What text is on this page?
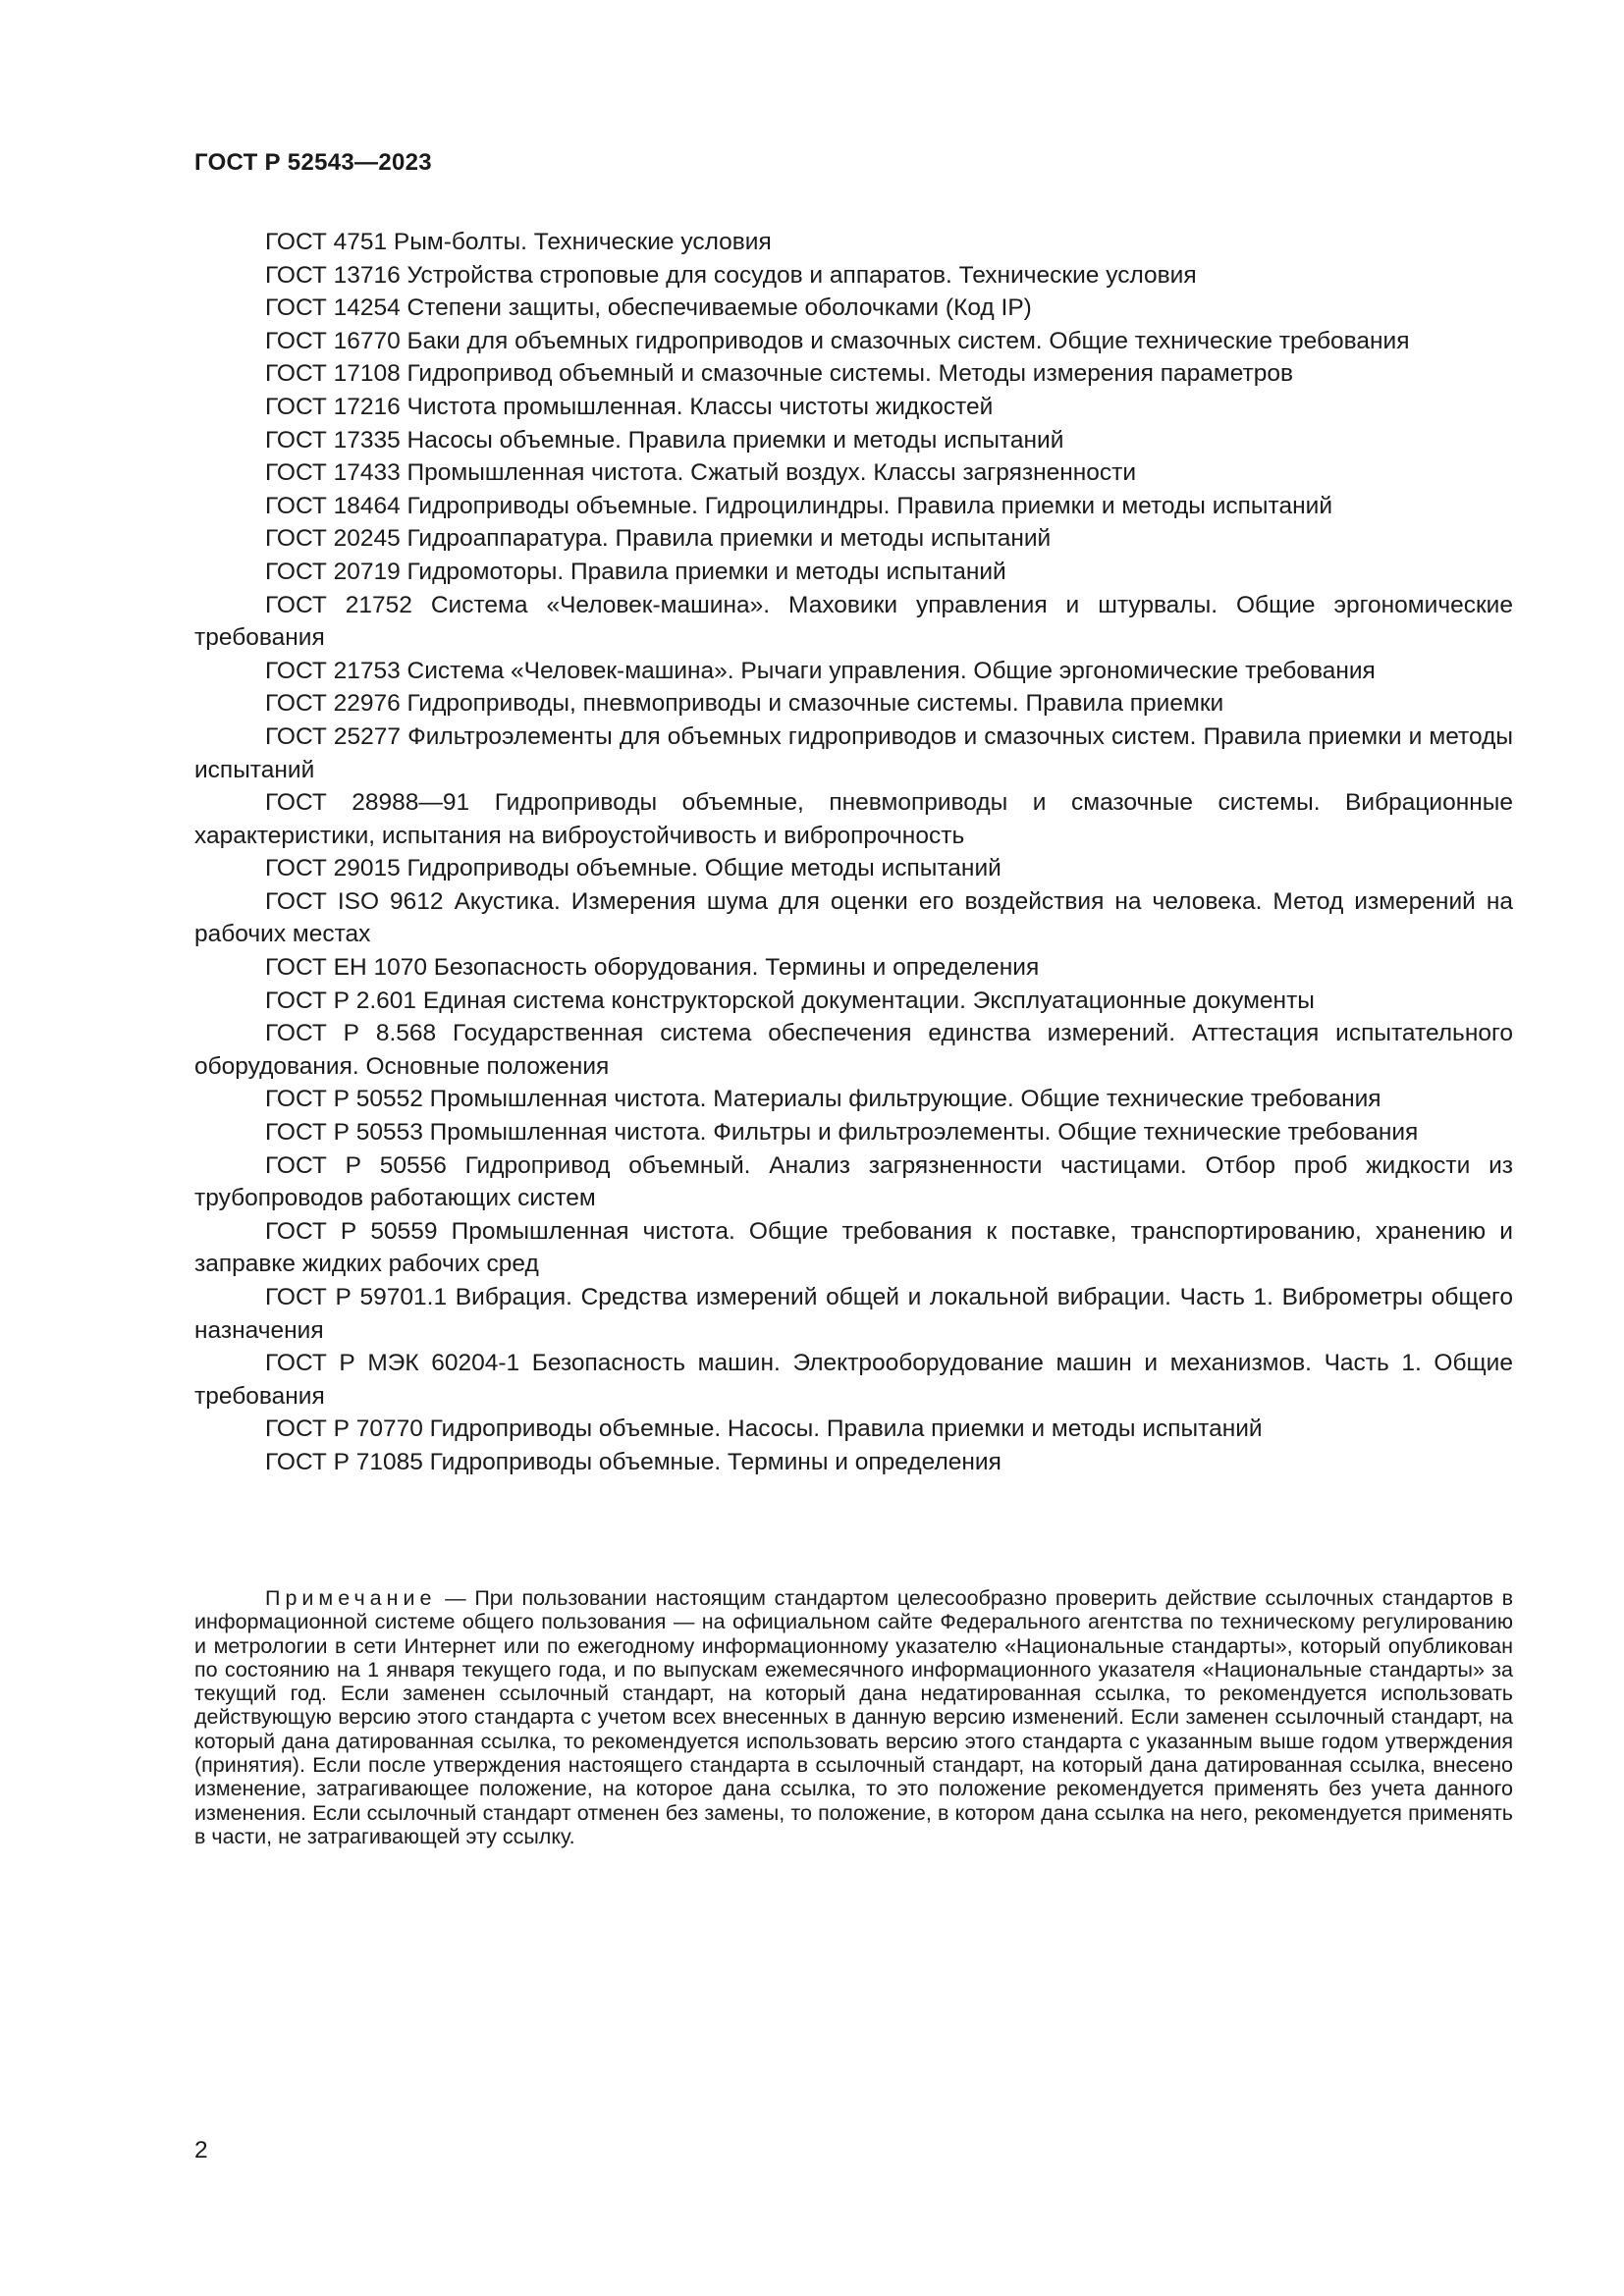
ГОСТ Р 52543—2023

ГОСТ 4751 Рым-болты. Технические условия

ГОСТ 13716 Устройства строповые для сосудов и аппаратов. Технические условия

ГОСТ 14254 Степени защиты, обеспечиваемые оболочками (Код IP)

ГОСТ 16770 Баки для объемных гидроприводов и смазочных систем. Общие технические требования

ГОСТ 17108 Гидропривод объемный и смазочные системы. Методы измерения параметров

ГОСТ 17216 Чистота промышленная. Классы чистоты жидкостей

ГОСТ 17335 Насосы объемные. Правила приемки и методы испытаний

ГОСТ 17433 Промышленная чистота. Сжатый воздух. Классы загрязненности

ГОСТ 18464 Гидроприводы объемные. Гидроцилиндры. Правила приемки и методы испытаний

ГОСТ 20245 Гидроаппаратура. Правила приемки и методы испытаний

ГОСТ 20719 Гидромоторы. Правила приемки и методы испытаний

ГОСТ 21752 Система «Человек-машина». Маховики управления и штурвалы. Общие эргономические требования

ГОСТ 21753 Система «Человек-машина». Рычаги управления. Общие эргономические требования

ГОСТ 22976 Гидроприводы, пневмоприводы и смазочные системы. Правила приемки

ГОСТ 25277 Фильтроэлементы для объемных гидроприводов и смазочных систем. Правила приемки и методы испытаний

ГОСТ 28988—91 Гидроприводы объемные, пневмоприводы и смазочные системы. Вибрационные характеристики, испытания на виброустойчивость и вибропрочность

ГОСТ 29015 Гидроприводы объемные. Общие методы испытаний

ГОСТ ISO 9612 Акустика. Измерения шума для оценки его воздействия на человека. Метод измерений на рабочих местах

ГОСТ ЕН 1070 Безопасность оборудования. Термины и определения

ГОСТ Р 2.601 Единая система конструкторской документации. Эксплуатационные документы

ГОСТ Р 8.568 Государственная система обеспечения единства измерений. Аттестация испытательного оборудования. Основные положения

ГОСТ Р 50552 Промышленная чистота. Материалы фильтрующие. Общие технические требования

ГОСТ Р 50553 Промышленная чистота. Фильтры и фильтроэлементы. Общие технические требования

ГОСТ Р 50556 Гидропривод объемный. Анализ загрязненности частицами. Отбор проб жидкости из трубопроводов работающих систем

ГОСТ Р 50559 Промышленная чистота. Общие требования к поставке, транспортированию, хранению и заправке жидких рабочих сред

ГОСТ Р 59701.1 Вибрация. Средства измерений общей и локальной вибрации. Часть 1. Виброметры общего назначения

ГОСТ Р МЭК 60204-1 Безопасность машин. Электрооборудование машин и механизмов. Часть 1. Общие требования

ГОСТ Р 70770 Гидроприводы объемные. Насосы. Правила приемки и методы испытаний

ГОСТ Р 71085 Гидроприводы объемные. Термины и определения

Примечание — При пользовании настоящим стандартом целесообразно проверить действие ссылочных стандартов в информационной системе общего пользования — на официальном сайте Федерального агентства по техническому регулированию и метрологии в сети Интернет или по ежегодному информационному указателю «Национальные стандарты», который опубликован по состоянию на 1 января текущего года, и по выпускам ежемесячного информационного указателя «Национальные стандарты» за текущий год. Если заменен ссылочный стандарт, на который дана недатированная ссылка, то рекомендуется использовать действующую версию этого стандарта с учетом всех внесенных в данную версию изменений. Если заменен ссылочный стандарт, на который дана датированная ссылка, то рекомендуется использовать версию этого стандарта с указанным выше годом утверждения (принятия). Если после утверждения настоящего стандарта в ссылочный стандарт, на который дана датированная ссылка, внесено изменение, затрагивающее положение, на которое дана ссылка, то это положение рекомендуется применять без учета данного изменения. Если ссылочный стандарт отменен без замены, то положение, в котором дана ссылка на него, рекомендуется применять в части, не затрагивающей эту ссылку.
2
